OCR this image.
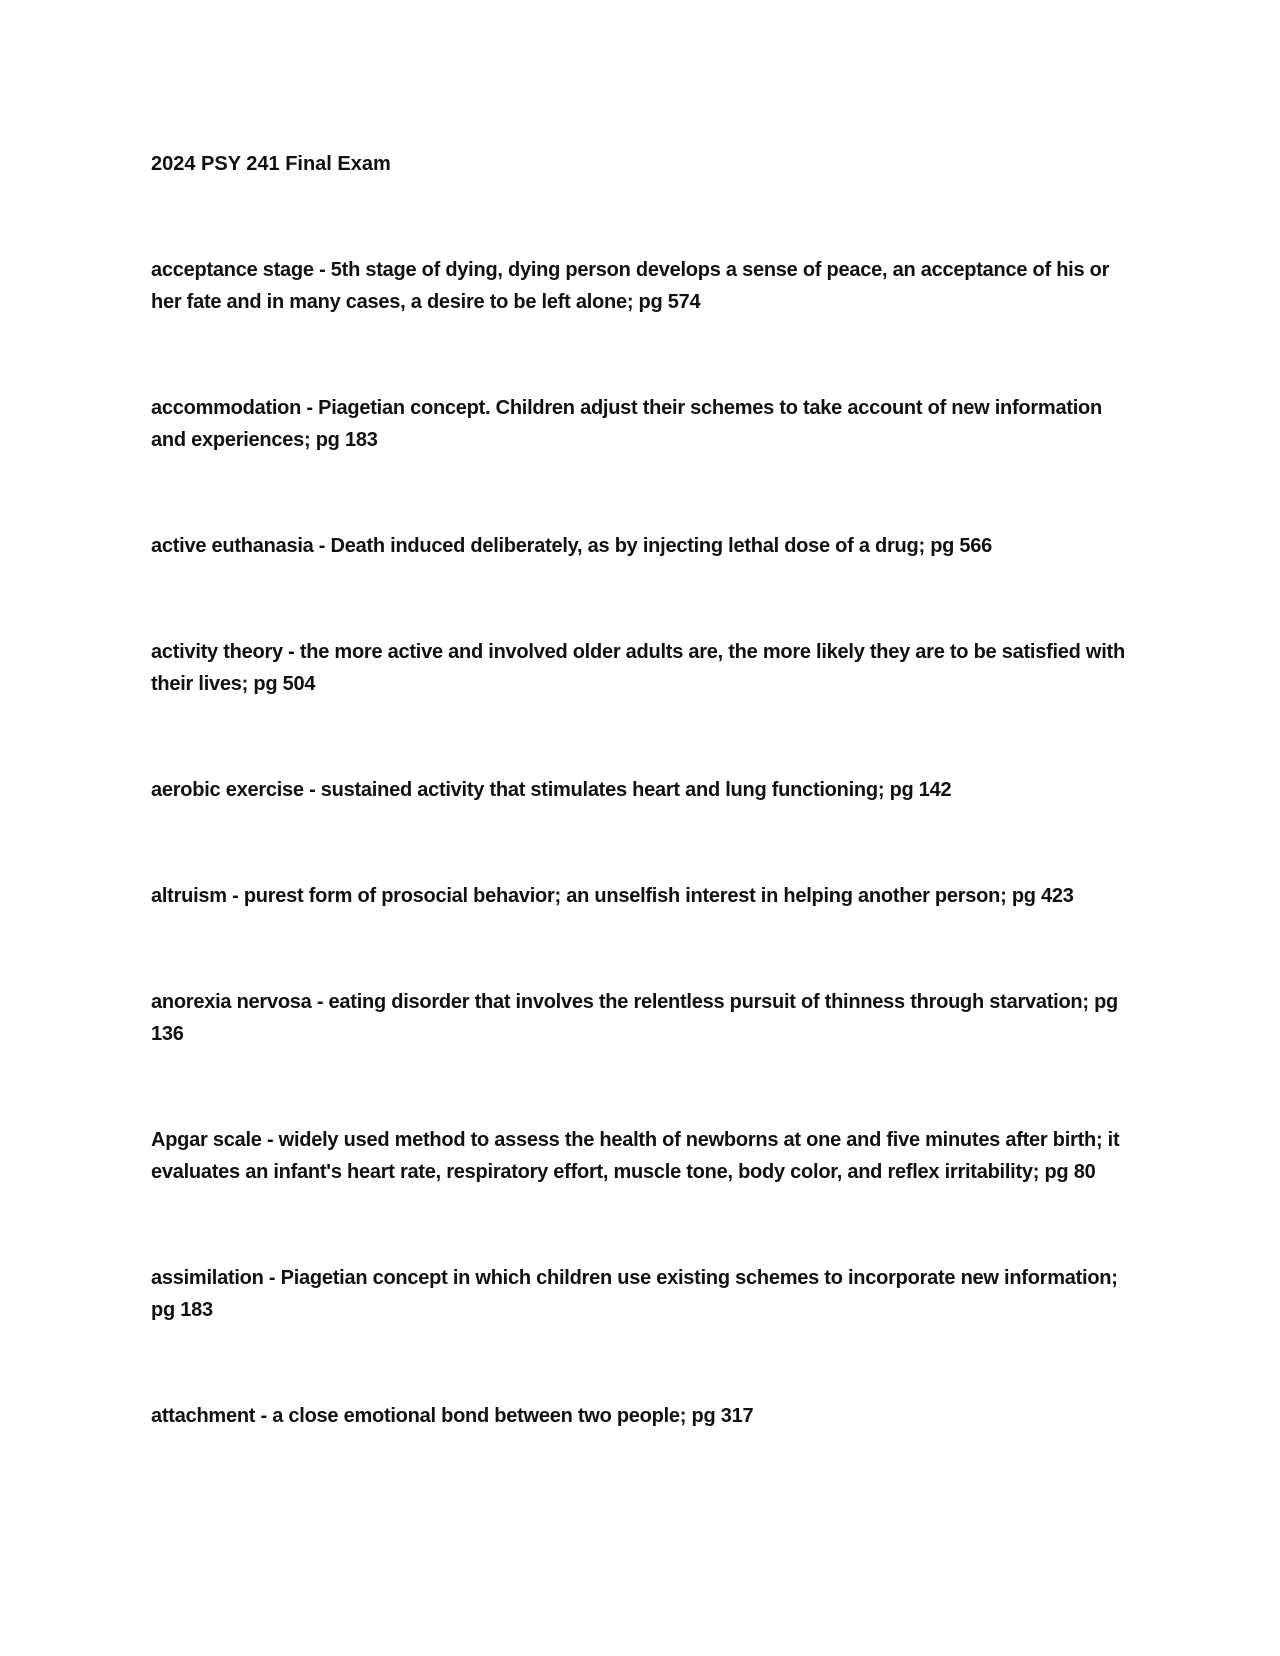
2024 PSY 241 Final Exam

acceptance stage - 5th stage of dying, dying person develops a sense of peace, an acceptance of his or her fate and in many cases, a desire to be left alone; pg 574

accommodation - Piagetian concept. Children adjust their schemes to take account of new information and experiences; pg 183

active euthanasia - Death induced deliberately, as by injecting lethal dose of a drug; pg 566

activity theory - the more active and involved older adults are, the more likely they are to be satisfied with their lives; pg 504

aerobic exercise - sustained activity that stimulates heart and lung functioning; pg 142

altruism - purest form of prosocial behavior; an unselfish interest in helping another person; pg 423

anorexia nervosa - eating disorder that involves the relentless pursuit of thinness through starvation; pg 136

Apgar scale - widely used method to assess the health of newborns at one and five minutes after birth; it evaluates an infant's heart rate, respiratory effort, muscle tone, body color, and reflex irritability; pg 80

assimilation - Piagetian concept in which children use existing schemes to incorporate new information; pg 183

attachment - a close emotional bond between two people; pg 317
